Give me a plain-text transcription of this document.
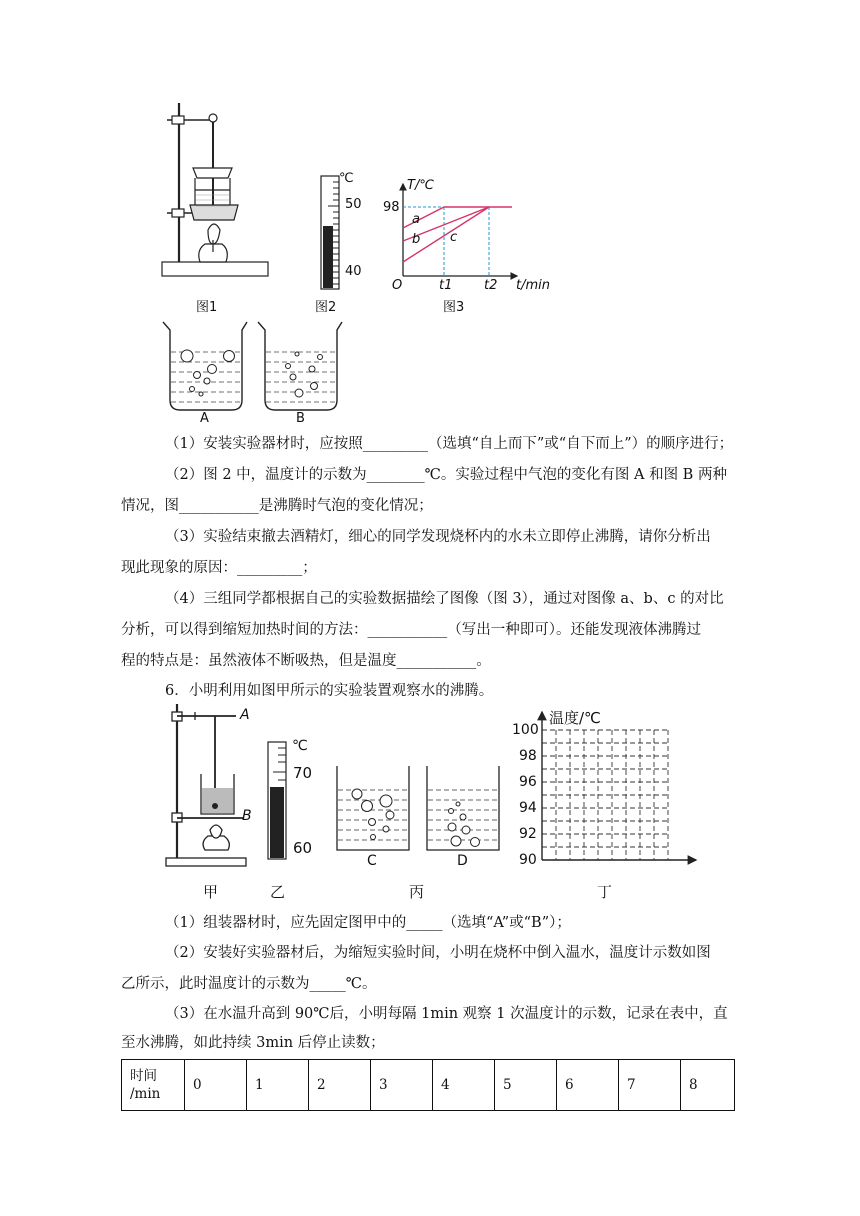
图1
℃
50
40
图2
T/℃
98
a
b c
O	t1 t2 t/min
图3
A	B
（1）安装实验器材时，应按照_________（选填“自上而下”或“自下而上”）的顺序进行；
（2）图 2 中，温度计的示数为________℃。实验过程中气泡的变化有图 A 和图 B 两种
情况，图___________是沸腾时气泡的变化情况；
（3）实验结束撤去酒精灯，细心的同学发现烧杯内的水未立即停止沸腾，请你分析出
现此现象的原因：_________；
（4）三组同学都根据自己的实验数据描绘了图像（图 3），通过对图像 a、b、c 的对比
分析，可以得到缩短加热时间的方法：___________（写出一种即可）。还能发现液体沸腾过
程的特点是：虽然液体不断吸热，但是温度___________。
6．小明利用如图甲所示的实验装置观察水的沸腾。
A
B
℃
70
60
C	D
温度/℃
100
98
96
94
92
90
甲	乙	丙	丁
（1）组装器材时，应先固定图甲中的_____（选填“A”或“B”）；
（2）安装好实验器材后，为缩短实验时间，小明在烧杯中倒入温水，温度计示数如图
乙所示，此时温度计的示数为_____℃。
（3）在水温升高到 90℃后，小明每隔 1min 观察 1 次温度计的示数，记录在表中，直
至水沸腾，如此持续 3min 后停止读数；
时间
/min
	0	1	2	3	4	5	6	7	8
